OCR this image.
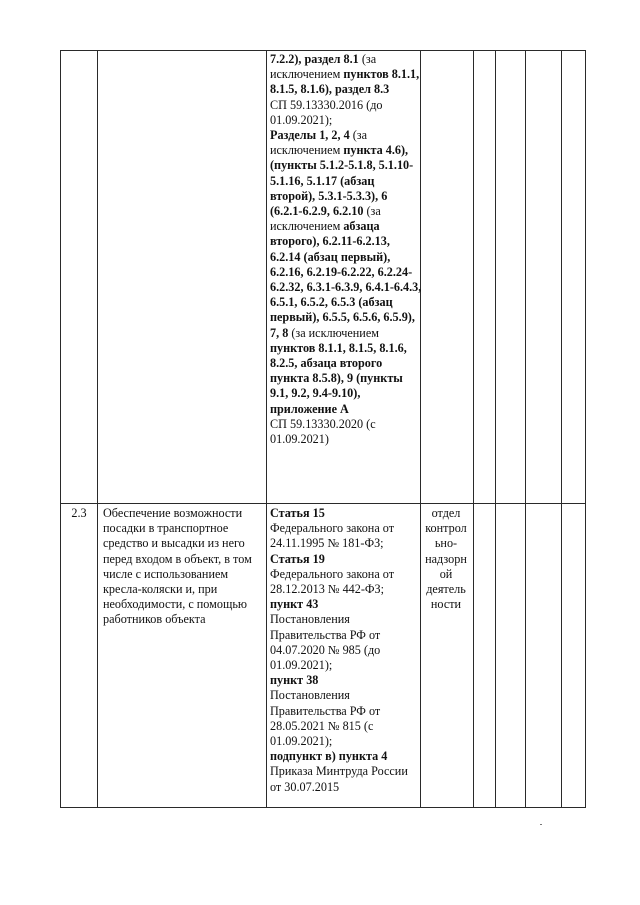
7.2.2), раздел 8.1 (за исключением пунктов 8.1.1, 8.1.5, 8.1.6), раздел 8.3
СП 59.13330.2016 (до 01.09.2021);
Разделы 1, 2, 4 (за исключением пункта 4.6), (пункты 5.1.2-5.1.8, 5.1.10-5.1.16, 5.1.17 (абзац второй), 5.3.1-5.3.3), 6 (6.2.1-6.2.9, 6.2.10 (за исключением абзаца второго), 6.2.11-6.2.13, 6.2.14 (абзац первый), 6.2.16, 6.2.19-6.2.22, 6.2.24-6.2.32, 6.3.1-6.3.9, 6.4.1-6.4.3, 6.5.1, 6.5.2, 6.5.3 (абзац первый), 6.5.5, 6.5.6, 6.5.9), 7, 8 (за исключением пунктов 8.1.1, 8.1.5, 8.1.6, 8.2.5, абзаца второго пункта 8.5.8), 9 (пункты 9.1, 9.2, 9.4-9.10), приложение А
СП 59.13330.2020 (с 01.09.2021)
2.3	Обеспечение возможности посадки в транспортное средство и высадки из него перед входом в объект, в том числе с использованием кресла-коляски и, при необходимости, с помощью работников объекта
Статья 15
Федерального закона от 24.11.1995 № 181-ФЗ;
Статья 19
Федерального закона от 28.12.2013 № 442-ФЗ;
пункт 43
Постановления Правительства РФ от 04.07.2020 № 985 (до 01.09.2021);
пункт 38
Постановления Правительства РФ от 28.05.2021 № 815 (с 01.09.2021);
подпункт в) пункта 4
Приказа Минтруда России от 30.07.2015
отдел контрол ьно-надзорн ой деятель ности
